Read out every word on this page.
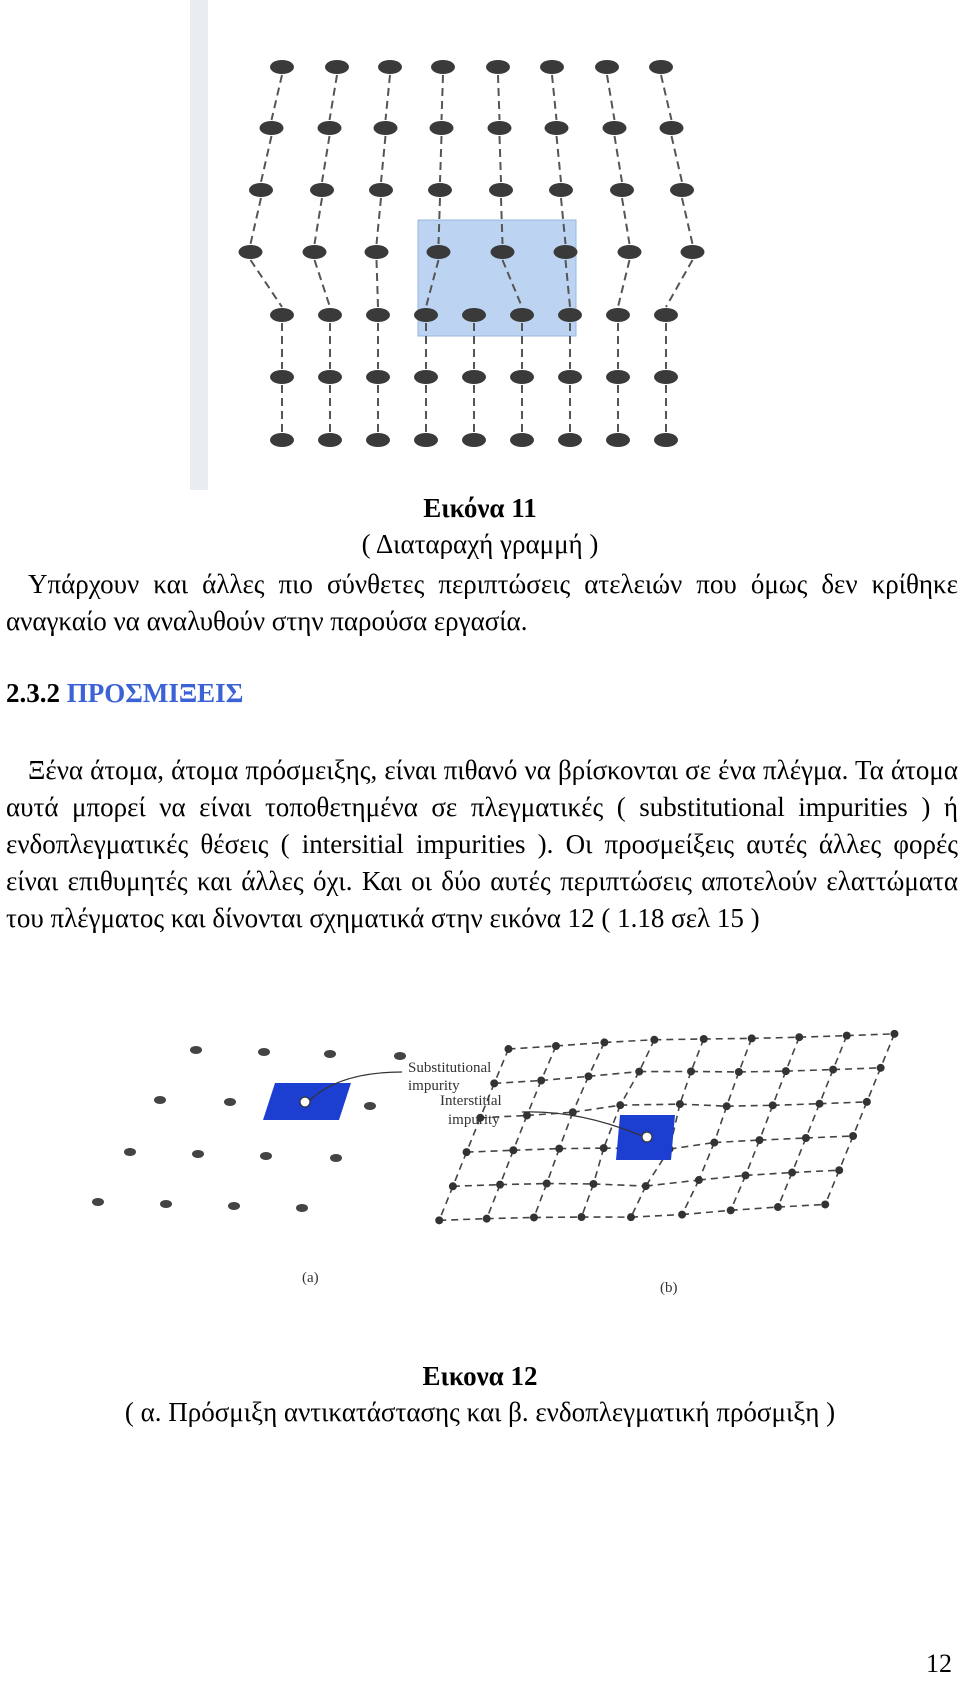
Εικόνα 11
( Διαταραχή γραμμή )

Υπάρχουν και άλλες πιο σύνθετες περιπτώσεις ατελειών που όμως δεν κρίθηκε αναγκαίο να αναλυθούν στην παρούσα εργασία.

2.3.2 ΠΡΟΣΜΙΞΕΙΣ

Ξένα άτομα, άτομα πρόσμειξης, είναι πιθανό να βρίσκονται σε ένα πλέγμα. Τα άτομα αυτά μπορεί να είναι τοποθετημένα σε πλεγματικές ( substitutional impurities ) ή ενδοπλεγματικές θέσεις ( intersitial impurities ). Οι προσμείξεις αυτές άλλες φορές είναι επιθυμητές και άλλες όχι. Και οι δύο αυτές περιπτώσεις αποτελούν ελαττώματα του πλέγματος και δίνονται σχηματικά στην εικόνα 12 ( 1.18 σελ 15 )

Substitutional
impurity
(a)
Interstitial
impurity
(b)
Εικονα 12
( α. Πρόσμιξη αντικατάστασης και β. ενδοπλεγματική πρόσμιξη )
12
